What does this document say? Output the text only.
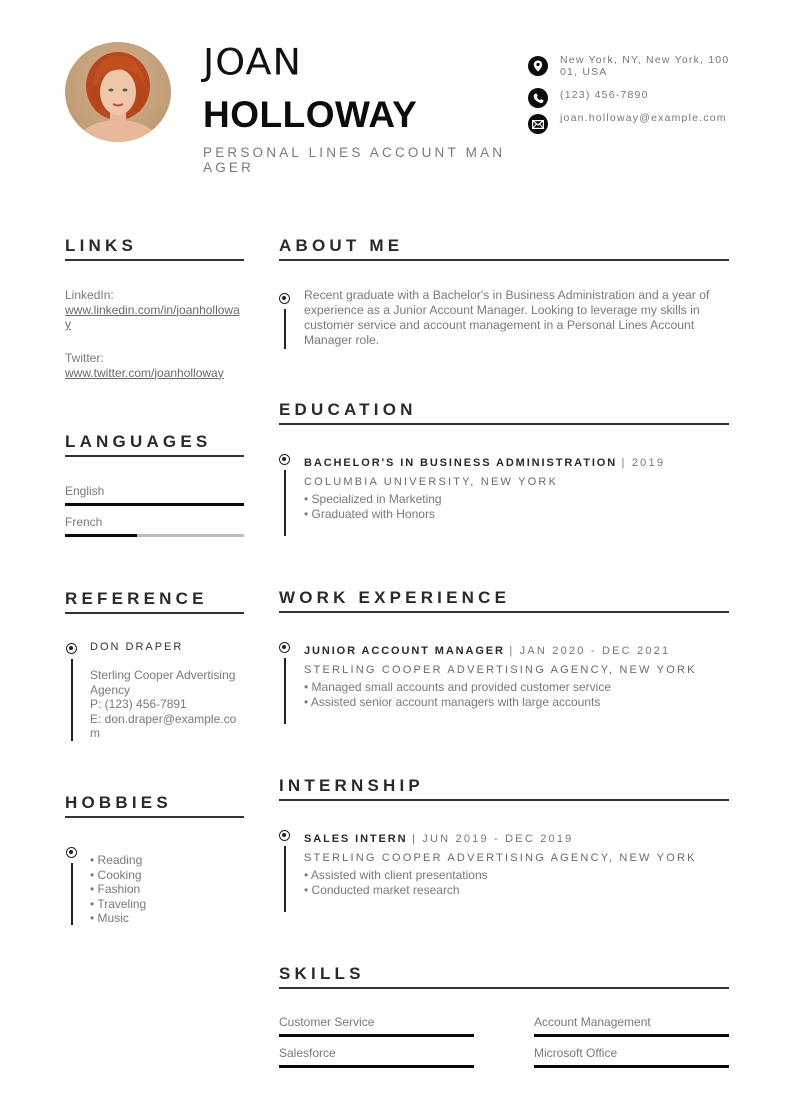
JOAN
HOLLOWAY
PERSONAL LINES ACCOUNT MANAGER
New York, NY, New York, 10001, USA
(123) 456-7890
joan.holloway@example.com
LINKS
LinkedIn:
www.linkedin.com/in/joanholloway
Twitter:
www.twitter.com/joanholloway
LANGUAGES
English
French
REFERENCE
DON DRAPER
Sterling Cooper Advertising Agency
P: (123) 456-7891
E: don.draper@example.com
HOBBIES
• Reading
• Cooking
• Fashion
• Traveling
• Music
ABOUT ME
Recent graduate with a Bachelor's in Business Administration and a year of experience as a Junior Account Manager. Looking to leverage my skills in customer service and account management in a Personal Lines Account Manager role.
EDUCATION
BACHELOR'S IN BUSINESS ADMINISTRATION | 2019
COLUMBIA UNIVERSITY, NEW YORK
• Specialized in Marketing
• Graduated with Honors
WORK EXPERIENCE
JUNIOR ACCOUNT MANAGER | JAN 2020 - DEC 2021
STERLING COOPER ADVERTISING AGENCY, NEW YORK
• Managed small accounts and provided customer service
• Assisted senior account managers with large accounts
INTERNSHIP
SALES INTERN | JUN 2019 - DEC 2019
STERLING COOPER ADVERTISING AGENCY, NEW YORK
• Assisted with client presentations
• Conducted market research
SKILLS
Customer Service	Account Management
Salesforce	Microsoft Office
